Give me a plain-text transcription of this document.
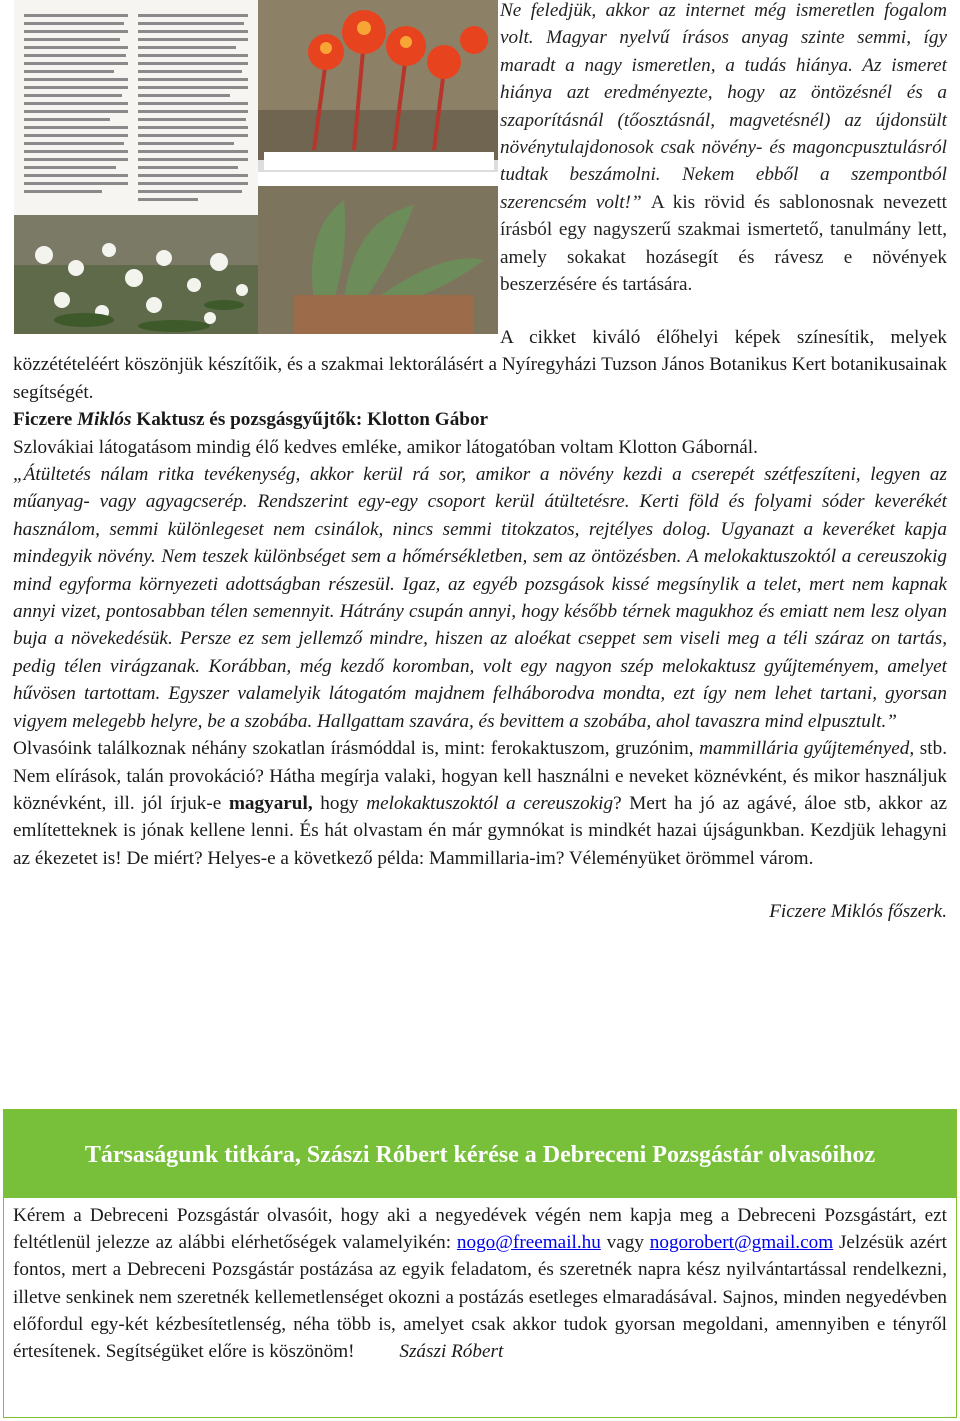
Ne feledjük, akkor az internet még ismeretlen fogalom volt. Magyar nyelvű írásos anyag szinte semmi, így maradt a nagy ismeretlen, a tudás hiánya. Az ismeret hiánya azt eredményezte, hogy az öntözésnél és a szaporításnál (tőosztásnál, magvetésnél) az újdonsült növénytulajdonosok csak növény- és magoncpusztulásról tudtak beszámolni. Nekem ebből a szempontból szerencsém volt!” A kis rövid és sablonosnak nevezett írásból egy nagyszerű szakmai ismertető, tanulmány lett, amely sokakat hozásegít és rávesz e növények beszerzésére és tartására.

A cikket kiváló élőhelyi képek színesítik, melyek közzétételéért köszönjük készítőik, és a szakmai lektorálásért a Nyíregyházi Tuzson János Botanikus Kert botanikusainak segítségét.

Ficzere Miklós Kaktusz és pozsgásgyűjtők: Klotton Gábor

Szlovákiai látogatásom mindig élő kedves emléke, amikor látogatóban voltam Klotton Gábornál.

„Átültetés nálam ritka tevékenység, akkor kerül rá sor, amikor a növény kezdi a cserepét szétfeszíteni, legyen az műanyag- vagy agyagcserép. Rendszerint egy-egy csoport kerül átültetésre. Kerti föld és folyami sóder keverékét használom, semmi különlegeset nem csinálok, nincs semmi titokzatos, rejtélyes dolog. Ugyanazt a keveréket kapja mindegyik növény. Nem teszek különbséget sem a hőmérsékletben, sem az öntözésben. A melokaktuszoktól a cereuszokig mind egyforma környezeti adottságban részesül. Igaz, az egyéb pozsgások kissé megsínylik a telet, mert nem kapnak annyi vizet, pontosabban télen semennyit. Hátrány csupán annyi, hogy később térnek magukhoz és emiatt nem lesz olyan buja a növekedésük. Persze ez sem jellemző mindre, hiszen az aloékat cseppet sem viseli meg a téli száraz on tartás, pedig télen virágzanak. Korábban, még kezdő koromban, volt egy nagyon szép melokaktusz gyűjteményem, amelyet hűvösen tartottam. Egyszer valamelyik látogatóm majdnem felháborodva mondta, ezt így nem lehet tartani, gyorsan vigyem melegebb helyre, be a szobába. Hallgattam szavára, és bevittem a szobába, ahol tavaszra mind elpusztult.”

Olvasóink találkoznak néhány szokatlan írásmóddal is, mint: ferokaktuszom, gruzónim, mammillária gyűjteményed, stb. Nem elírások, talán provokáció? Hátha megírja valaki, hogyan kell használni e neveket köznévként, és mikor használjuk köznévként, ill. jól írjuk-e magyarul, hogy melokaktuszoktól a cereuszokig? Mert ha jó az agávé, áloe stb, akkor az említetteknek is jónak kellene lenni. És hát olvastam én már gymnókat is mindkét hazai újságunkban. Kezdjük lehagyni az ékezetet is! De miért? Helyes-e a következő példa: Mammillaria-im? Véleményüket örömmel várom.

Ficzere Miklós főszerk.

Társaságunk titkára, Szászi Róbert kérése a Debreceni Pozsgástár olvasóihoz
Kérem a Debreceni Pozsgástár olvasóit, hogy aki a negyedévek végén nem kapja meg a Debreceni Pozsgástárt, ezt feltétlenül jelezze az alábbi elérhetőségek valamelyikén: nogo@freemail.hu vagy nogorobert@gmail.com Jelzésük azért fontos, mert a Debreceni Pozsgástár postázása az egyik feladatom, és szeretnék napra kész nyilvántartással rendelkezni, illetve senkinek nem szeretnék kellemetlenséget okozni a postázás esetleges elmaradásával. Sajnos, minden negyedévben előfordul egy-két kézbesítetlenség, néha több is, amelyet csak akkor tudok gyorsan megoldani, amennyiben e tényről értesítenek. Segítségüket előre is köszönöm! Szászi Róbert
